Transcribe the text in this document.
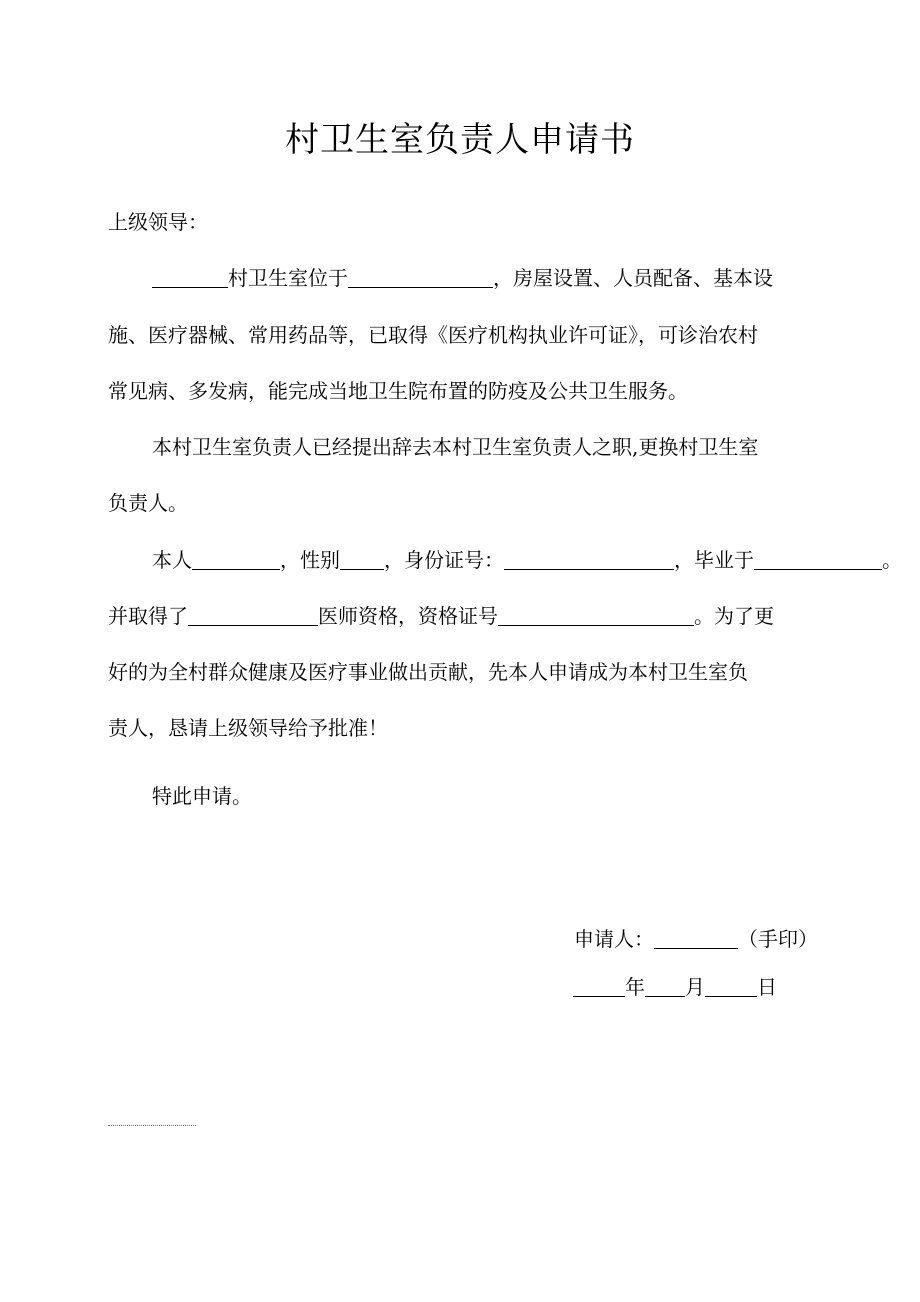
村卫生室负责人申请书
上级领导：
村卫生室位于	，房屋设置、人员配备、基本设
施、医疗器械、常用药品等，已取得《医疗机构执业许可证》，可诊治农村
常见病、多发病，能完成当地卫生院布置的防疫及公共卫生服务。
本村卫生室负责人已经提出辞去本村卫生室负责人之职,更换村卫生室
负责人。
本人	，性别 ，身份证号：	，毕业于	。
并取得了	医师资格，资格证号	。为了更
好的为全村群众健康及医疗事业做出贡献，先本人申请成为本村卫生室负
责人，恳请上级领导给予批准！
特此申请。
申请人：	（手印）
年 月	日
